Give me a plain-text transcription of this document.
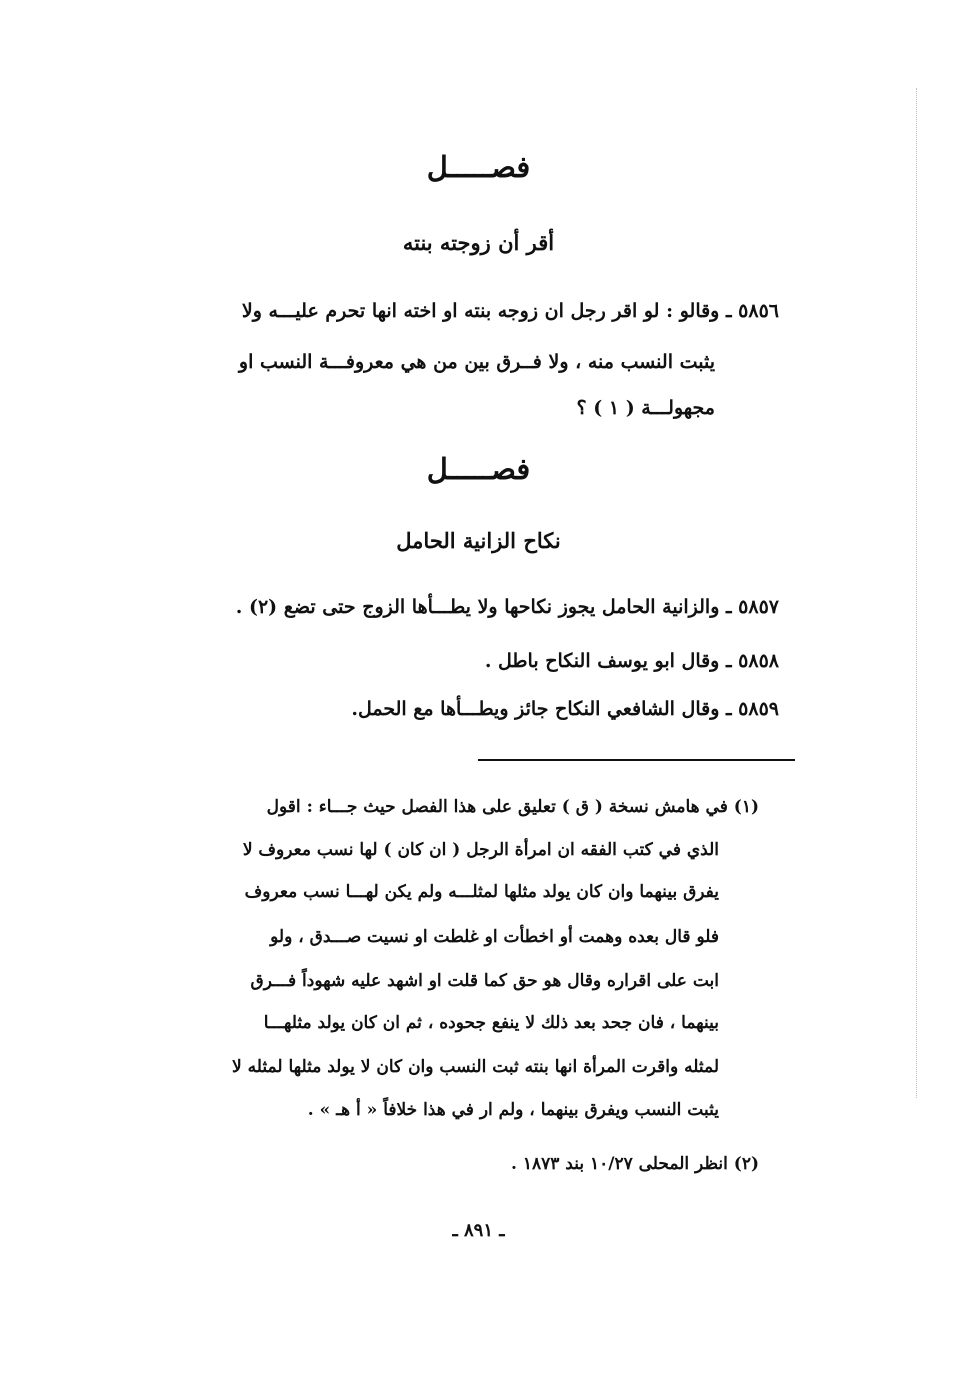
فصـــــل
أقر أن زوجته بنته
٥٨٥٦ ـ وقالو : لو اقر رجل ان زوجه بنته او اخته انها تحرم عليـــه ولا
يثبت النسب منه ، ولا فــرق بين من هي معروفـــة النسب او
مجهولـــة ( ١ ) ؟
فصـــــل
نكاح الزانية الحامل
٥٨٥٧ ـ والزانية الحامل يجوز نكاحها ولا يطـــأها الزوج حتى تضع (٢) .
٥٨٥٨ ـ وقال ابو يوسف النكاح باطل .
٥٨٥٩ ـ وقال الشافعي النكاح جائز ويطـــأها مع الحمل.
(١) في هامش نسخة ( ق ) تعليق على هذا الفصل حيث جـــاء : اقول
الذي في كتب الفقه ان امرأة الرجل ( ان كان ) لها نسب معروف لا
يفرق بينهما وان كان يولد مثلها لمثلـــه ولم يكن لهـــا نسب معروف
فلو قال بعده وهمت أو اخطأت او غلطت او نسيت صـــدق ، ولو
ابت على اقراره وقال هو حق كما قلت او اشهد عليه شهوداً فـــرق
بينهما ، فان جحد بعد ذلك لا ينفع جحوده ، ثم ان كان يولد مثلهـــا
لمثله واقرت المرأة انها بنته ثبت النسب وان كان لا يولد مثلها لمثله لا
يثبت النسب ويفرق بينهما ، ولم ار في هذا خلافاً « أ هـ » .
(٢) انظر المحلى ١٠/٢٧ بند ١٨٧٣ .
ـ ٨٩١ ـ
